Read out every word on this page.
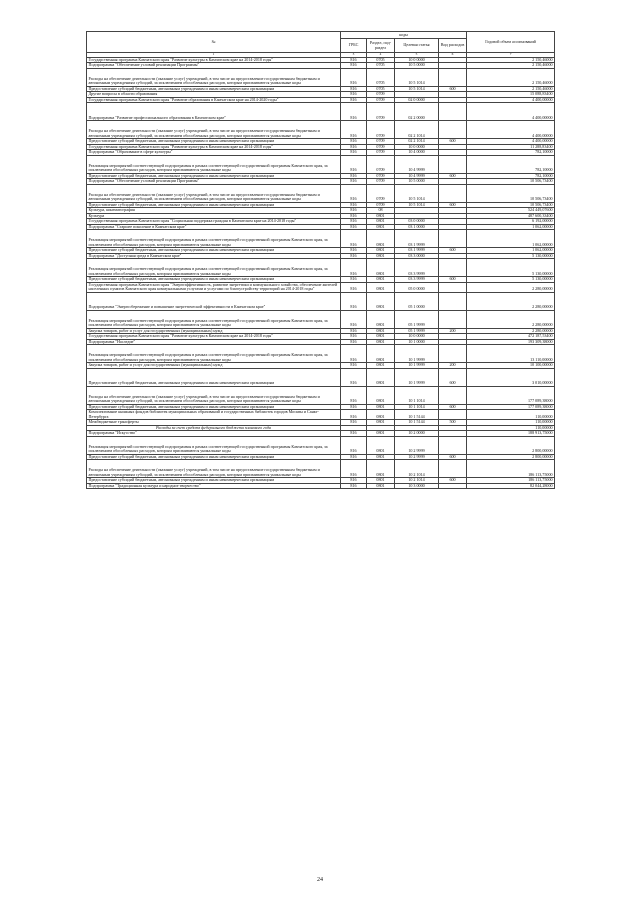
№	коды				Годовой объем ассигнований
	ГРБС	Раздел, под- раздел	Целевая статья	Вид расходов	
1	3	4	5	6	7
Государственная программа Камчатского края "Развитие культуры в Камчатском крае на 2014-2018 годы"	816	0705	10 0 0000		2 150,46000
Подпрограмма "Обеспечение условий реализации Программы"	816	0705	10 5 0000		2 150,46000
Расходы на обеспечение деятельности (оказание услуг) учреждений, в том числе на предоставление государственным бюджетным и автономным учреждениям субсидий, за исключением обособленных расходов, которым присваиваются уникальные коды	816	0705	10 5 1014		2 150,46000
Предоставление субсидий бюджетным, автономным учреждениям и иным некоммерческим организациям	816	0705	10 5 1014	600	2 150,46000
Другие вопросы в области образования	816	0709			15 088,83400
Государственная программа Камчатского края "Развитие образования в Камчатском крае на 2014-2020 годы"	816	0709	02 0 0000		4 400,00000
Подпрограмма "Развитие профессионального образования в Камчатском крае"	816	0709	02 2 0000		4 400,00000
Расходы на обеспечение деятельности (оказание услуг) учреждений, в том числе на предоставление государственным бюджетным и автономным учреждениям субсидий, за исключением обособленных расходов, которым присваиваются уникальные коды	816	0709	02 2 1014		4 400,00000
Предоставление субсидий бюджетным, автономным учреждениям и иным некоммерческим организациям	816	0709	02 2 1014	600	4 400,00000
Государственная программа Камчатского края "Развитие культуры в Камчатском крае на 2014-2018 годы"	816	0709	10 0 0000		11 288,83400
Подпрограмма "Образование в сфере культуры"	816	0709	10 4 0000		782,10000
Реализация мероприятий соответствующей подпрограммы в рамках соответствующей государственной программы Камчатского края, за исключением обособленных расходов, которым присваиваются уникальные коды	816	0709	10 4 9999		782,10000
Предоставление субсидий бюджетным, автономным учреждениям и иным некоммерческим организациям	816	0709	10 4 9999	600	782,10000
Подпрограмма "Обеспечение условий реализации Программы"	816	0709	10 5 0000		10 506,73400
Расходы на обеспечение деятельности (оказание услуг) учреждений, в том числе на предоставление государственным бюджетным и автономным учреждениям субсидий, за исключением обособленных расходов, которым присваиваются уникальные коды	816	0709	10 5 1014		10 506,73400
Предоставление субсидий бюджетным, автономным учреждениям и иным некоммерческим организациям	816	0709	10 5 1014	600	10 506,73400
Культура, кинематография	816	08			524 449,07600
Культура	816	0801			487 600,33400
Государственная программа Камчатского края "Социальная поддержка граждан в Камчатском крае на 2014-2018 годы"	816	0801	03 0 0000		6 192,00000
Подпрограмма "Старшее поколение в Камчатском крае"	816	0801	03 1 0000		1 062,00000
Реализация мероприятий соответствующей подпрограммы в рамках соответствующей государственной программы Камчатского края, за исключением обособленных расходов, которым присваиваются уникальные коды	816	0801	03 1 9999		1 062,00000
Предоставление субсидий бюджетным, автономным учреждениям и иным некоммерческим организациям	816	0801	03 1 9999	600	1 062,00000
Подпрограмма "Доступная среда в Камчатском крае"	816	0801	03 3 0000		5 130,00000
Реализация мероприятий соответствующей подпрограммы в рамках соответствующей государственной программы Камчатского края, за исключением обособленных расходов, которым присваиваются уникальные коды	816	0801	03 3 9999		5 130,00000
Предоставление субсидий бюджетным, автономным учреждениям и иным некоммерческим организациям	816	0801	03 3 9999	600	5 130,00000
Государственная программа Камчатского края "Энергоэффективность, развитие энергетики и коммунального хозяйства, обеспечение жителей населенных пунктов Камчатского края коммунальными услугами и услугами по благоустройству территорий на 2014-2018 годы"	816	0801	05 0 0000		2 280,00000
Подпрограмма "Энергосбережение и повышение энергетической эффективности в Камчатском крае"	816	0801	05 1 0000		2 280,00000
Реализация мероприятий соответствующей подпрограммы в рамках соответствующей государственной программы Камчатского края, за исключением обособленных расходов, которым присваиваются уникальные коды	816	0801	05 1 9999		2 280,00000
Закупка товаров, работ и услуг для государственных (муниципальных) нужд	816	0801	05 1 9999	200	2 280,00000
Государственная программа Камчатского края "Развитие культуры в Камчатском крае на 2014-2018 годы"	816	0801	10 0 0000		472 187,53400
Подпрограмма "Наследие"	816	0801	10 1 0000		193 309,38000
Реализация мероприятий соответствующей подпрограммы в рамках соответствующей государственной программы Камчатского края, за исключением обособленных расходов, которым присваиваются уникальные коды	816	0801	10 1 9999		13 110,00000
Закупка товаров, работ и услуг для государственных (муниципальных) нужд	816	0801	10 1 9999	200	10 100,00000
Предоставление субсидий бюджетным, автономным учреждениям и иным некоммерческим организациям	816	0801	10 1 9999	600	3 010,00000
Расходы на обеспечение деятельности (оказание услуг) учреждений, в том числе на предоставление государственным бюджетным и автономным учреждениям субсидий, за исключением обособленных расходов, которым присваиваются уникальные коды	816	0801	10 1 1014		177 089,38000
Предоставление субсидий бюджетным, автономным учреждениям и иным некоммерческим организациям	816	0801	10 1 1014	600	177 089,38000
Комплектование книжных фондов библиотек муниципальных образований и государственных библиотек городов Москвы и Санкт-Петербурга	816	0801	10 1 5144		110,00000
Межбюджетные трансферты	816	0801	10 1 5144	500	110,00000
Расходы за счет средств федерального бюджета планового года					110,00000
Подпрограмма "Искусство"	816	0801	10 2 0000		188 913,75000
Реализация мероприятий соответствующей подпрограммы в рамках соответствующей государственной программы Камчатского края, за исключением обособленных расходов, которым присваиваются уникальные коды	816	0801	10 2 9999		2 800,00000
Предоставление субсидий бюджетным, автономным учреждениям и иным некоммерческим организациям	816	0801	10 2 9999	600	2 800,00000
Расходы на обеспечение деятельности (оказание услуг) учреждений, в том числе на предоставление государственным бюджетным и автономным учреждениям субсидий, за исключением обособленных расходов, которым присваиваются уникальные коды	816	0801	10 2 1014		186 113,75000
Предоставление субсидий бюджетным, автономным учреждениям и иным некоммерческим организациям	816	0801	10 2 1014	600	186 113,75000
Подпрограмма "Традиционная культура и народное творчество"	816	0801	10 3 0000		82 044,28000
24
